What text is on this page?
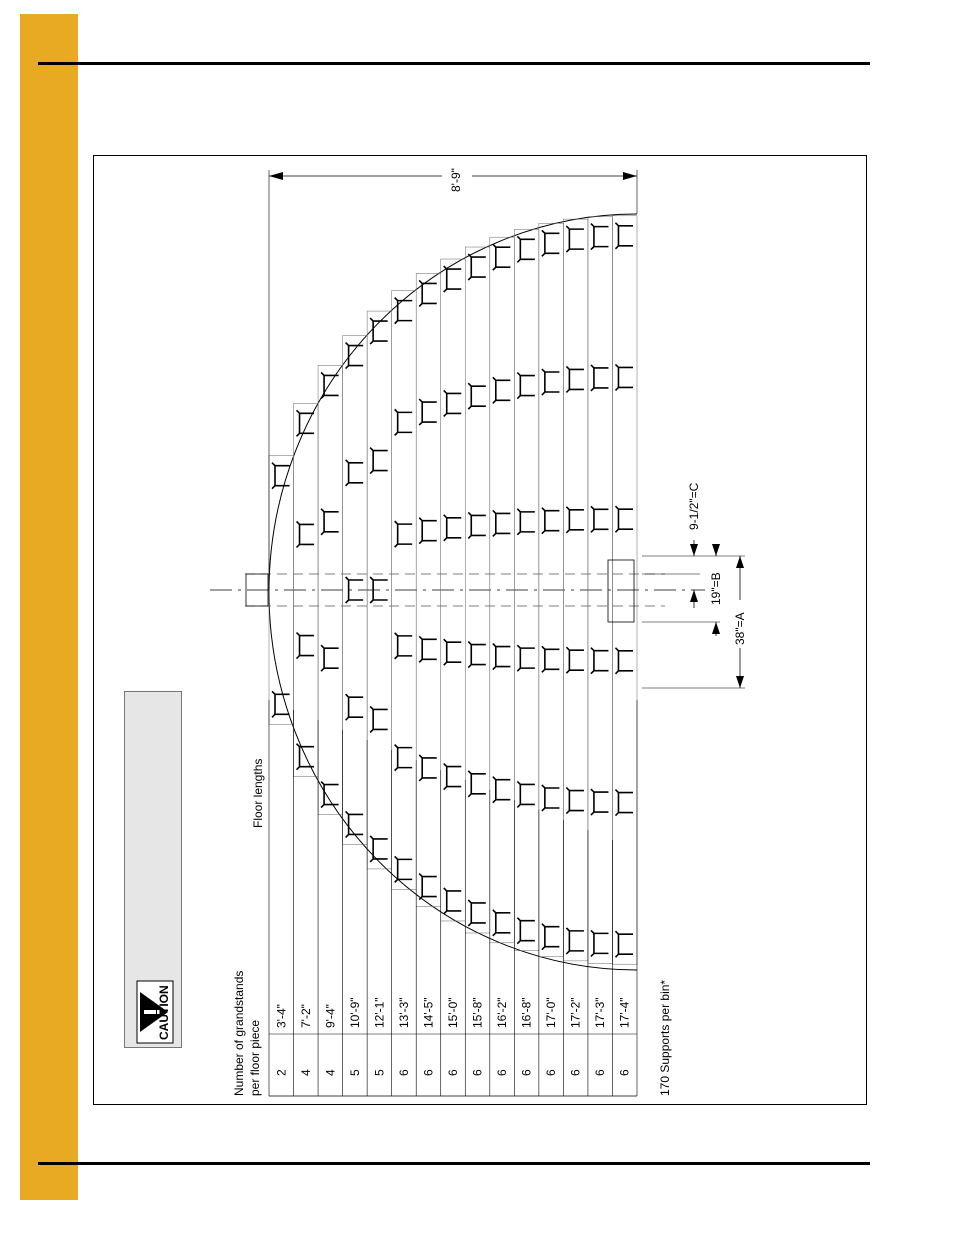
CAUTION
8'-9"
38"=A
19"=B
9-1/2"=C
Number of grandstands per floor piece
Floor lengths
170 Supports per bin*
2
3'-4"
4
7'-2"
4
9'-4"
5
10'-9"
5
12'-1"
6
13'-3"
6
14'-5"
6
15'-0"
6
15'-8"
6
16'-2"
6
16'-8"
6
17'-0"
6
17'-2"
6
17'-3"
6
17'-4"
